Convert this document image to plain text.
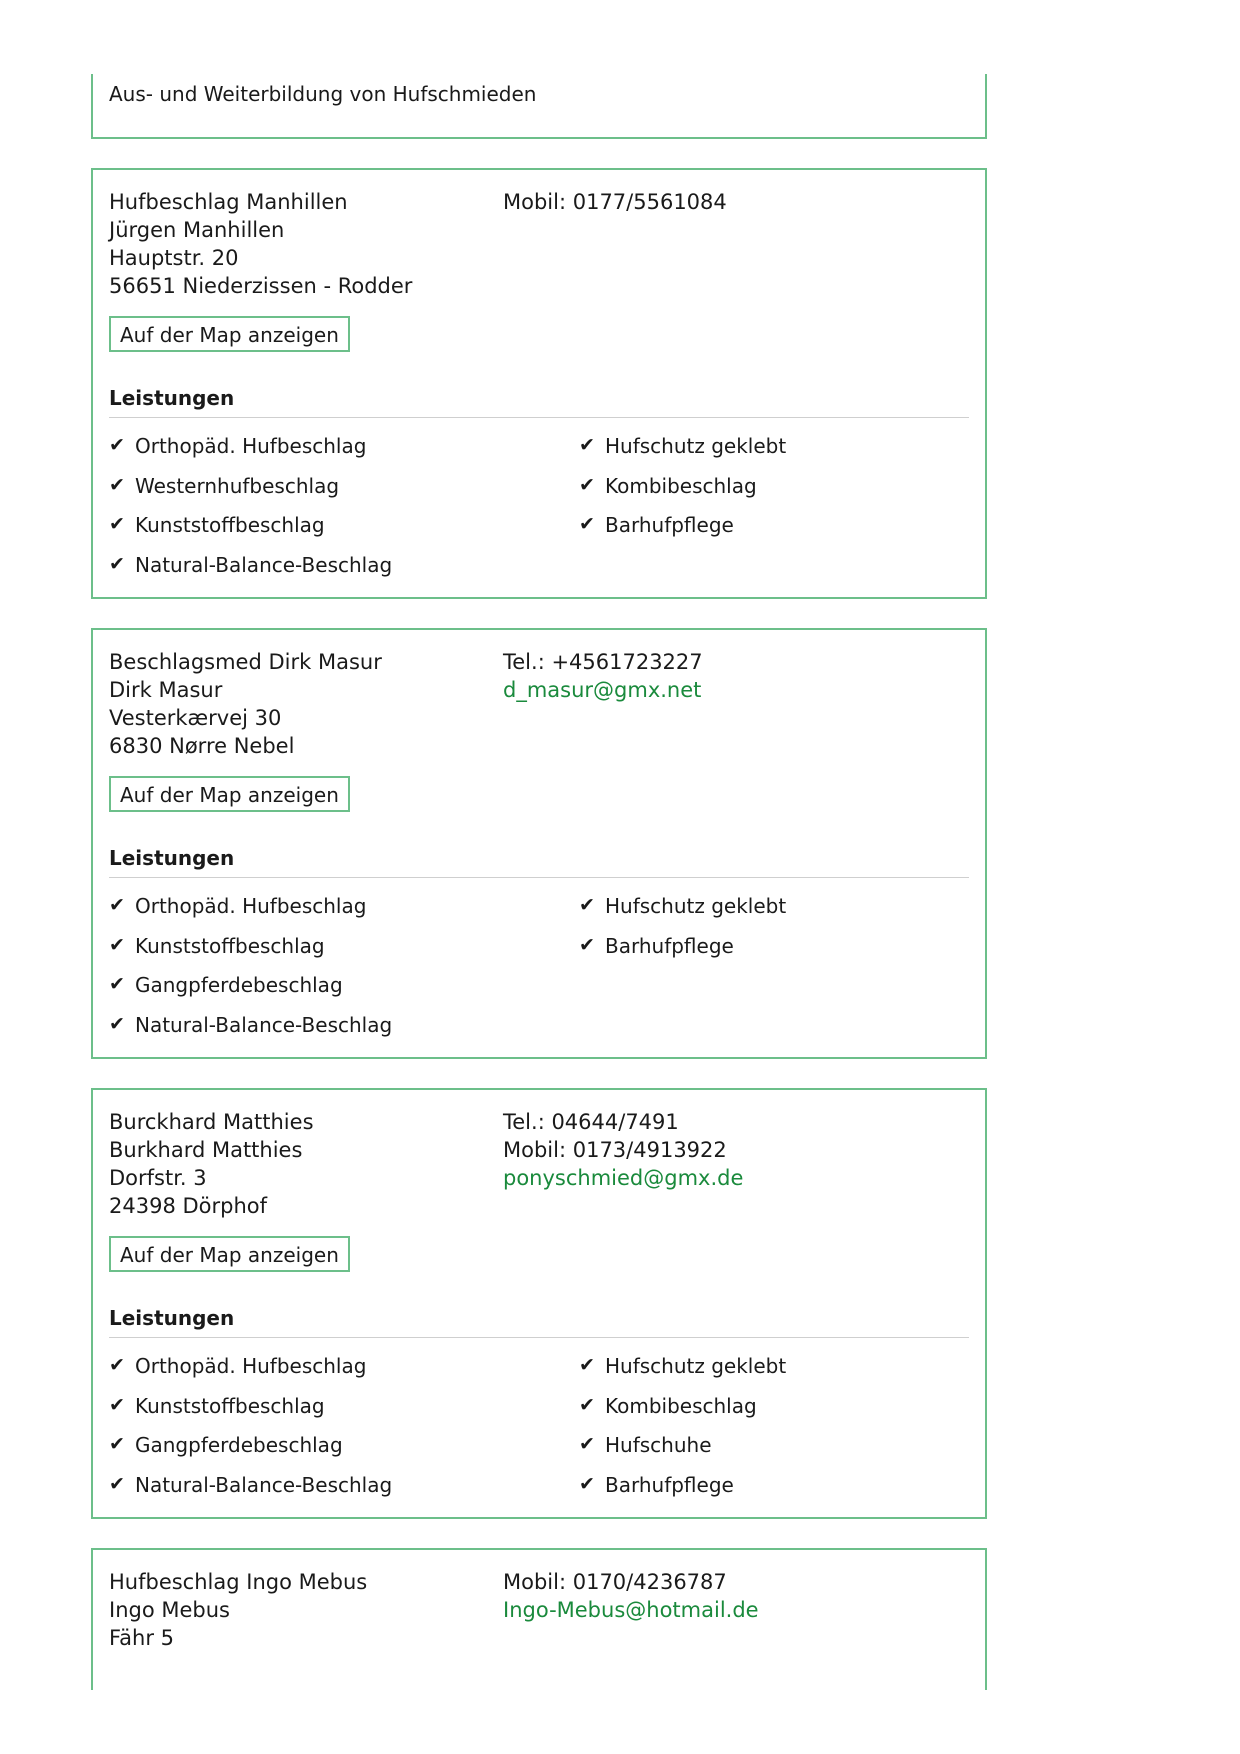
Aus- und Weiterbildung von Hufschmieden
Hufbeschlag Manhillen
Jürgen Manhillen
Hauptstr. 20
56651 Niederzissen - Rodder
Mobil: 0177/5561084
Auf der Map anzeigen
Leistungen
✔ Orthopäd. Hufbeschlag
✔ Westernhufbeschlag
✔ Kunststoffbeschlag
✔ Natural-Balance-Beschlag
✔ Hufschutz geklebt
✔ Kombibeschlag
✔ Barhufpflege
Beschlagsmed Dirk Masur
Dirk Masur
Vesterkærvej 30
6830 Nørre Nebel
Tel.: +4561723227
d_masur@gmx.net
Auf der Map anzeigen
Leistungen
✔ Orthopäd. Hufbeschlag
✔ Kunststoffbeschlag
✔ Gangpferdebeschlag
✔ Natural-Balance-Beschlag
✔ Hufschutz geklebt
✔ Barhufpflege
Burckhard Matthies
Burkhard Matthies
Dorfstr. 3
24398 Dörphof
Tel.: 04644/7491
Mobil: 0173/4913922
ponyschmied@gmx.de
Auf der Map anzeigen
Leistungen
✔ Orthopäd. Hufbeschlag
✔ Kunststoffbeschlag
✔ Gangpferdebeschlag
✔ Natural-Balance-Beschlag
✔ Hufschutz geklebt
✔ Kombibeschlag
✔ Hufschuhe
✔ Barhufpflege
Hufbeschlag Ingo Mebus
Ingo Mebus
Fähr 5
Mobil: 0170/4236787
Ingo-Mebus@hotmail.de
